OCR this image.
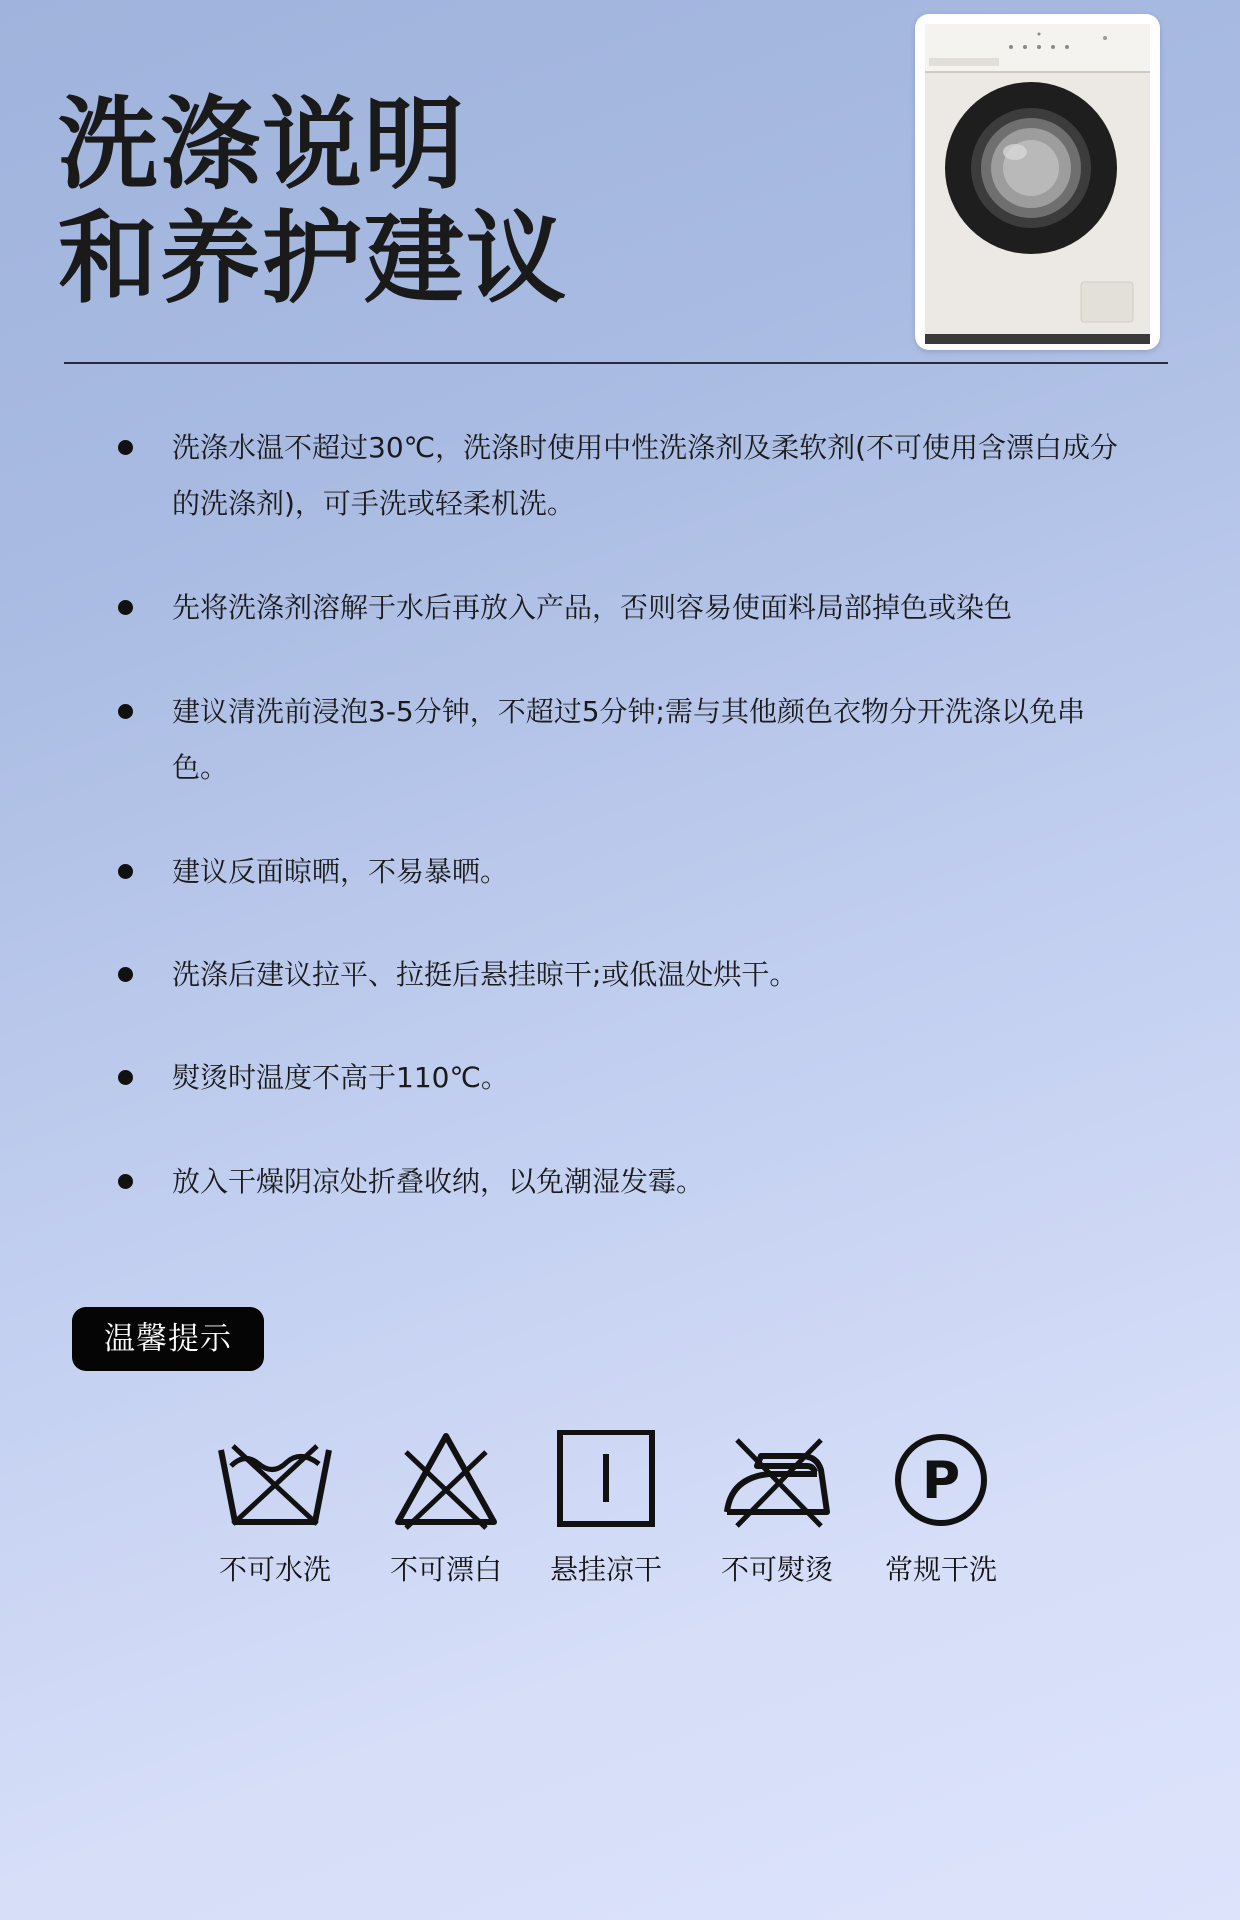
洗涤说明
和养护建议
洗涤水温不超过30℃，洗涤时使用中性洗涤剂及柔软剂(不可使用含漂白成分的洗涤剂)，可手洗或轻柔机洗。
先将洗涤剂溶解于水后再放入产品，否则容易使面料局部掉色或染色
建议清洗前浸泡3-5分钟，不超过5分钟;需与其他颜色衣物分开洗涤以免串色。
建议反面晾晒，不易暴晒。
洗涤后建议拉平、拉挺后悬挂晾干;或低温处烘干。
熨烫时温度不高于110℃。
放入干燥阴凉处折叠收纳，以免潮湿发霉。
温馨提示
不可水洗	不可漂白	悬挂凉干	不可熨烫
P
常规干洗
